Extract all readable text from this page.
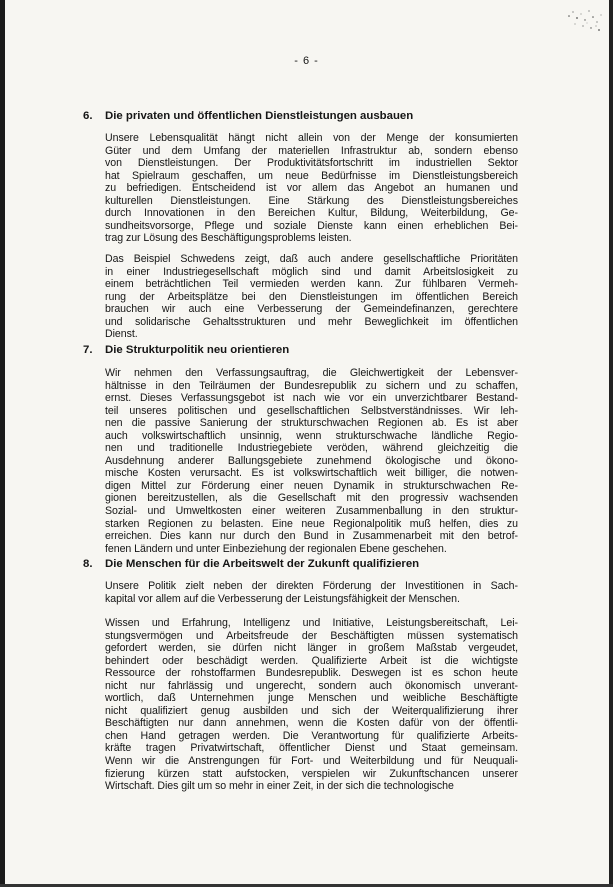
- 6 -
6. Die privaten und öffentlichen Dienstleistungen ausbauen
Unsere Lebensqualität hängt nicht allein von der Menge der konsumierten
Güter und dem Umfang der materiellen Infrastruktur ab, sondern ebenso
von Dienstleistungen. Der Produktivitätsfortschritt im industriellen Sektor
hat Spielraum geschaffen, um neue Bedürfnisse im Dienstleistungsbereich
zu befriedigen. Entscheidend ist vor allem das Angebot an humanen und
kulturellen Dienstleistungen. Eine Stärkung des Dienstleistungsbereiches
durch Innovationen in den Bereichen Kultur, Bildung, Weiterbildung, Ge-
sundheitsvorsorge, Pflege und soziale Dienste kann einen erheblichen Bei-
trag zur Lösung des Beschäftigungsproblems leisten.
Das Beispiel Schwedens zeigt, daß auch andere gesellschaftliche Prioritäten
in einer Industriegesellschaft möglich sind und damit Arbeitslosigkeit zu
einem beträchtlichen Teil vermieden werden kann. Zur fühlbaren Vermeh-
rung der Arbeitsplätze bei den Dienstleistungen im öffentlichen Bereich
brauchen wir auch eine Verbesserung der Gemeindefinanzen, gerechtere
und solidarische Gehaltsstrukturen und mehr Beweglichkeit im öffentlichen
Dienst.
7. Die Strukturpolitik neu orientieren
Wir nehmen den Verfassungsauftrag, die Gleichwertigkeit der Lebensver-
hältnisse in den Teilräumen der Bundesrepublik zu sichern und zu schaffen,
ernst. Dieses Verfassungsgebot ist nach wie vor ein unverzichtbarer Bestand-
teil unseres politischen und gesellschaftlichen Selbstverständnisses. Wir leh-
nen die passive Sanierung der strukturschwachen Regionen ab. Es ist aber
auch volkswirtschaftlich unsinnig, wenn strukturschwache ländliche Regio-
nen und traditionelle Industriegebiete veröden, während gleichzeitig die
Ausdehnung anderer Ballungsgebiete zunehmend ökologische und ökono-
mische Kosten verursacht. Es ist volkswirtschaftlich weit billiger, die notwen-
digen Mittel zur Förderung einer neuen Dynamik in strukturschwachen Re-
gionen bereitzustellen, als die Gesellschaft mit den progressiv wachsenden
Sozial- und Umweltkosten einer weiteren Zusammenballung in den struktur-
starken Regionen zu belasten. Eine neue Regionalpolitik muß helfen, dies zu
erreichen. Dies kann nur durch den Bund in Zusammenarbeit mit den betrof-
fenen Ländern und unter Einbeziehung der regionalen Ebene geschehen.
8. Die Menschen für die Arbeitswelt der Zukunft qualifizieren
Unsere Politik zielt neben der direkten Förderung der Investitionen in Sach-
kapital vor allem auf die Verbesserung der Leistungsfähigkeit der Menschen.
Wissen und Erfahrung, Intelligenz und Initiative, Leistungsbereitschaft, Lei-
stungsvermögen und Arbeitsfreude der Beschäftigten müssen systematisch
gefordert werden, sie dürfen nicht länger in großem Maßstab vergeudet,
behindert oder beschädigt werden. Qualifizierte Arbeit ist die wichtigste
Ressource der rohstoffarmen Bundesrepublik. Deswegen ist es schon heute
nicht nur fahrlässig und ungerecht, sondern auch ökonomisch unverant-
wortlich, daß Unternehmen junge Menschen und weibliche Beschäftigte
nicht qualifiziert genug ausbilden und sich der Weiterqualifizierung ihrer
Beschäftigten nur dann annehmen, wenn die Kosten dafür von der öffentli-
chen Hand getragen werden. Die Verantwortung für qualifizierte Arbeits-
kräfte tragen Privatwirtschaft, öffentlicher Dienst und Staat gemeinsam.
Wenn wir die Anstrengungen für Fort- und Weiterbildung und für Neuquali-
fizierung kürzen statt aufstocken, verspielen wir Zukunftschancen unserer
Wirtschaft. Dies gilt um so mehr in einer Zeit, in der sich die technologische
